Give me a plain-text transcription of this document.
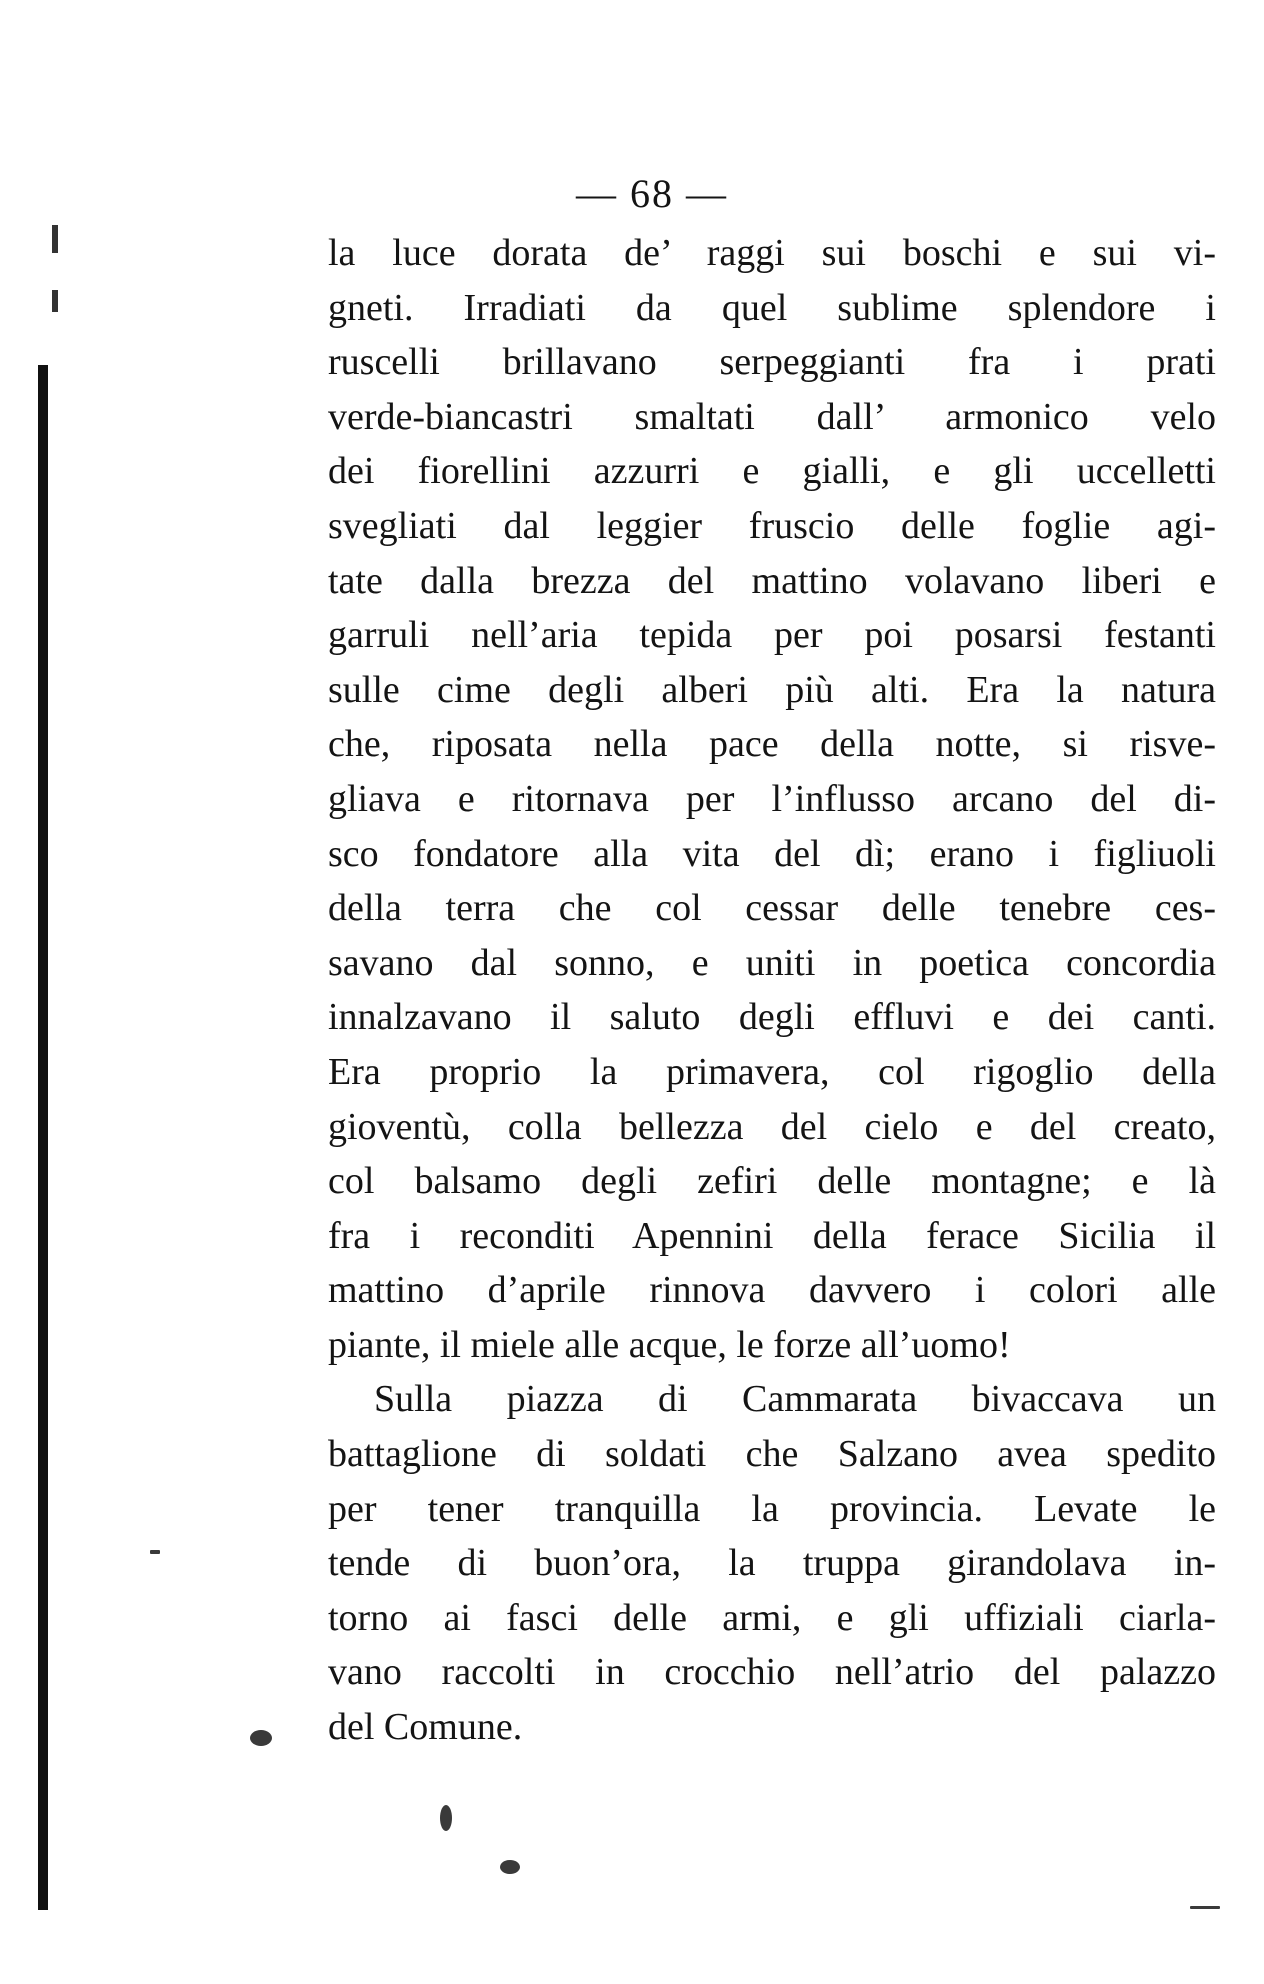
— 68 —
la luce dorata de’ raggi sui boschi e sui vi-
gneti. Irradiati da quel sublime splendore i
ruscelli brillavano serpeggianti fra i prati
verde-biancastri smaltati dall’ armonico velo
dei fiorellini azzurri e gialli, e gli uccelletti
svegliati dal leggier fruscio delle foglie agi-
tate dalla brezza del mattino volavano liberi e
garruli nell’aria tepida per poi posarsi festanti
sulle cime degli alberi più alti. Era la natura
che, riposata nella pace della notte, si risve-
gliava e ritornava per l’influsso arcano del di-
sco fondatore alla vita del dì; erano i figliuoli
della terra che col cessar delle tenebre ces-
savano dal sonno, e uniti in poetica concordia
innalzavano il saluto degli effluvi e dei canti.
Era proprio la primavera, col rigoglio della
gioventù, colla bellezza del cielo e del creato,
col balsamo degli zefiri delle montagne; e là
fra i reconditi Apennini della ferace Sicilia il
mattino d’aprile rinnova davvero i colori alle
piante, il miele alle acque, le forze all’uomo!
Sulla piazza di Cammarata bivaccava un
battaglione di soldati che Salzano avea spedito
per tener tranquilla la provincia. Levate le
tende di buon’ora, la truppa girandolava in-
torno ai fasci delle armi, e gli uffiziali ciarla-
vano raccolti in crocchio nell’atrio del palazzo
del Comune.
